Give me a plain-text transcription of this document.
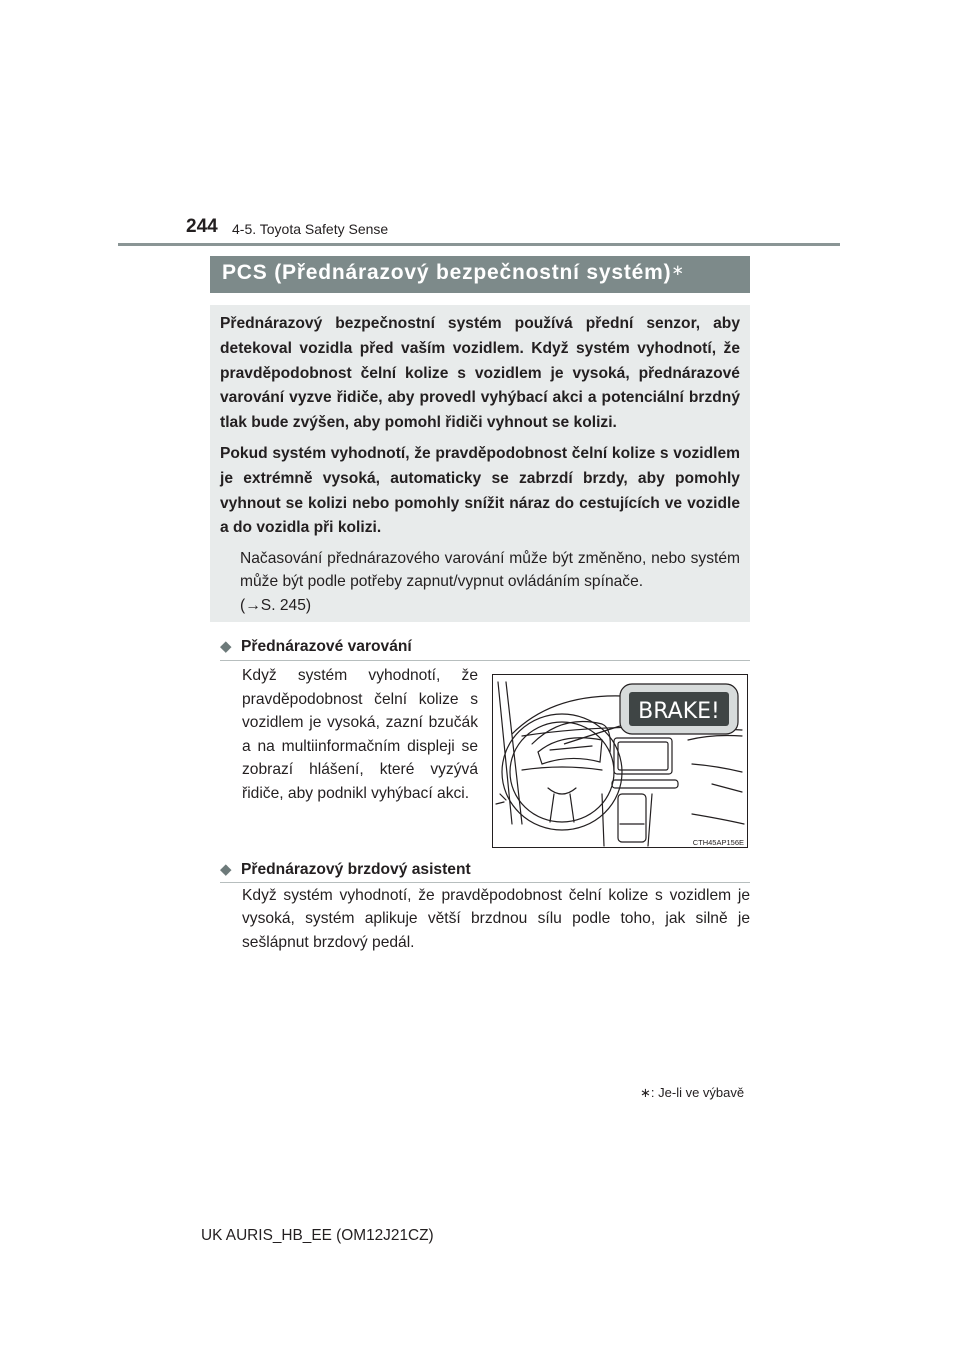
244 4-5. Toyota Safety Sense
PCS (Přednárazový bezpečnostní systém)∗

Přednárazový bezpečnostní systém používá přední senzor, aby detekoval vozidla před vaším vozidlem. Když systém vyhodnotí, že pravděpodobnost čelní kolize s vozidlem je vysoká, přednárazové varování vyzve řidiče, aby provedl vyhýbací akci a potenciální brzdný tlak bude zvýšen, aby pomohl řidiči vyhnout se kolizi.

Pokud systém vyhodnotí, že pravděpodobnost čelní kolize s vozidlem je extrémně vysoká, automaticky se zabrzdí brzdy, aby pomohly vyhnout se kolizi nebo pomohly snížit náraz do cestujících ve vozidle a do vozidla při kolizi.

Načasování přednárazového varování může být změněno, nebo systém může být podle potřeby zapnut/vypnut ovládáním spínače.
(→S. 245)
◆ Přednárazové varování
Když systém vyhodnotí, že pravděpodobnost čelní kolize s vozidlem je vysoká, zazní bzučák a na multiinformačním displeji se zobrazí hlášení, které vyzývá řidiče, aby podnikl vyhýbací akci.
BRAKE!
CTH45AP156E
◆ Přednárazový brzdový asistent
Když systém vyhodnotí, že pravděpodobnost čelní kolize s vozidlem je vysoká, systém aplikuje větší brzdnou sílu podle toho, jak silně je sešlápnut brzdový pedál.
∗: Je-li ve výbavě
UK AURIS_HB_EE (OM12J21CZ)
